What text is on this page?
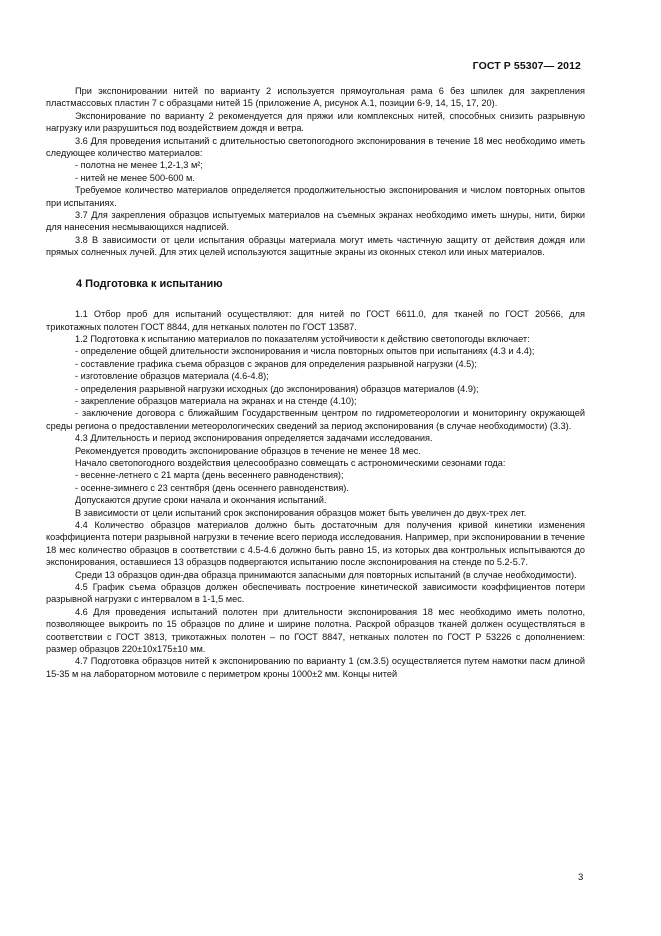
ГОСТ Р 55307— 2012
При экспонировании нитей по варианту 2 используется прямоугольная рама 6 без шпилек для закрепления пластмассовых пластин 7 с образцами нитей 15 (приложение А, рисунок А.1, позиции 6-9, 14, 15, 17, 20).
Экспонирование по варианту 2 рекомендуется для пряжи или комплексных нитей, способных снизить разрывную нагрузку или разрушиться под воздействием дождя и ветра.
3.6 Для проведения испытаний с длительностью светопогодного экспонирования в течение 18 мес необходимо иметь следующее количество материалов:
- полотна не менее 1,2-1,3 м²;
- нитей не менее 500-600 м.
Требуемое количество материалов определяется продолжительностью экспонирования и числом повторных опытов при испытаниях.
3.7 Для закрепления образцов испытуемых материалов на съемных экранах необходимо иметь шнуры, нити, бирки для нанесения несмывающихся надписей.
3.8 В зависимости от цели испытания образцы материала могут иметь частичную защиту от действия дождя или прямых солнечных лучей. Для этих целей используются защитные экраны из оконных стекол или иных материалов.
4 Подготовка к испытанию
1.1 Отбор проб для испытаний осуществляют: для нитей по ГОСТ 6611.0, для тканей по ГОСТ 20566, для трикотажных полотен ГОСТ 8844, для нетканых полотен по ГОСТ 13587.
1.2 Подготовка к испытанию материалов по показателям устойчивости к действию светопогоды включает:
- определение общей длительности экспонирования и числа повторных опытов при испытаниях (4.3 и 4.4);
- составление графика съема образцов с экранов для определения разрывной нагрузки (4.5);
- изготовление образцов материала (4.6-4.8);
- определения разрывной нагрузки исходных (до экспонирования) образцов материалов (4.9);
- закрепление образцов материала на экранах и на стенде (4.10);
- заключение договора с ближайшим Государственным центром по гидрометеорологии и мониторингу окружающей среды региона о предоставлении метеорологических сведений за период экспонирования (в случае необходимости) (3.3).
4.3 Длительность и период экспонирования определяется задачами исследования.
Рекомендуется проводить экспонирование образцов в течение не менее 18 мес.
Начало светопогодного воздействия целесообразно совмещать с астрономическими сезонами года:
- весенне-летнего с 21 марта (день весеннего равноденствия);
- осенне-зимнего с 23 сентября (день осеннего равноденствия).
Допускаются другие сроки начала и окончания испытаний.
В зависимости от цели испытаний срок экспонирования образцов может быть увеличен до двух-трех лет.
4.4 Количество образцов материалов должно быть достаточным для получения кривой кинетики изменения коэффициента потери разрывной нагрузки в течение всего периода исследования. Например, при экспонировании в течение 18 мес количество образцов в соответствии с 4.5-4.6 должно быть равно 15, из которых два контрольных испытываются до экспонирования, оставшиеся 13 образцов подвергаются испытанию после экспонирования на стенде по 5.2-5.7.
Среди 13 образцов один-два образца принимаются запасными для повторных испытаний (в случае необходимости).
4.5 График съема образцов должен обеспечивать построение кинетической зависимости коэффициентов потери разрывной нагрузки с интервалом в 1-1,5 мес.
4.6 Для проведения испытаний полотен при длительности экспонирования 18 мес необходимо иметь полотно, позволяющее выкроить по 15 образцов по длине и ширине полотна. Раскрой образцов тканей должен осуществляться в соответствии с ГОСТ 3813, трикотажных полотен – по ГОСТ 8847, нетканых полотен по ГОСТ Р 53226 с дополнением: размер образцов 220±10х175±10 мм.
4.7 Подготовка образцов нитей к экспонированию по варианту 1 (см.3.5) осуществляется путем намотки пасм длиной 15-35 м на лабораторном мотовиле с периметром кроны 1000±2 мм. Концы нитей
3
